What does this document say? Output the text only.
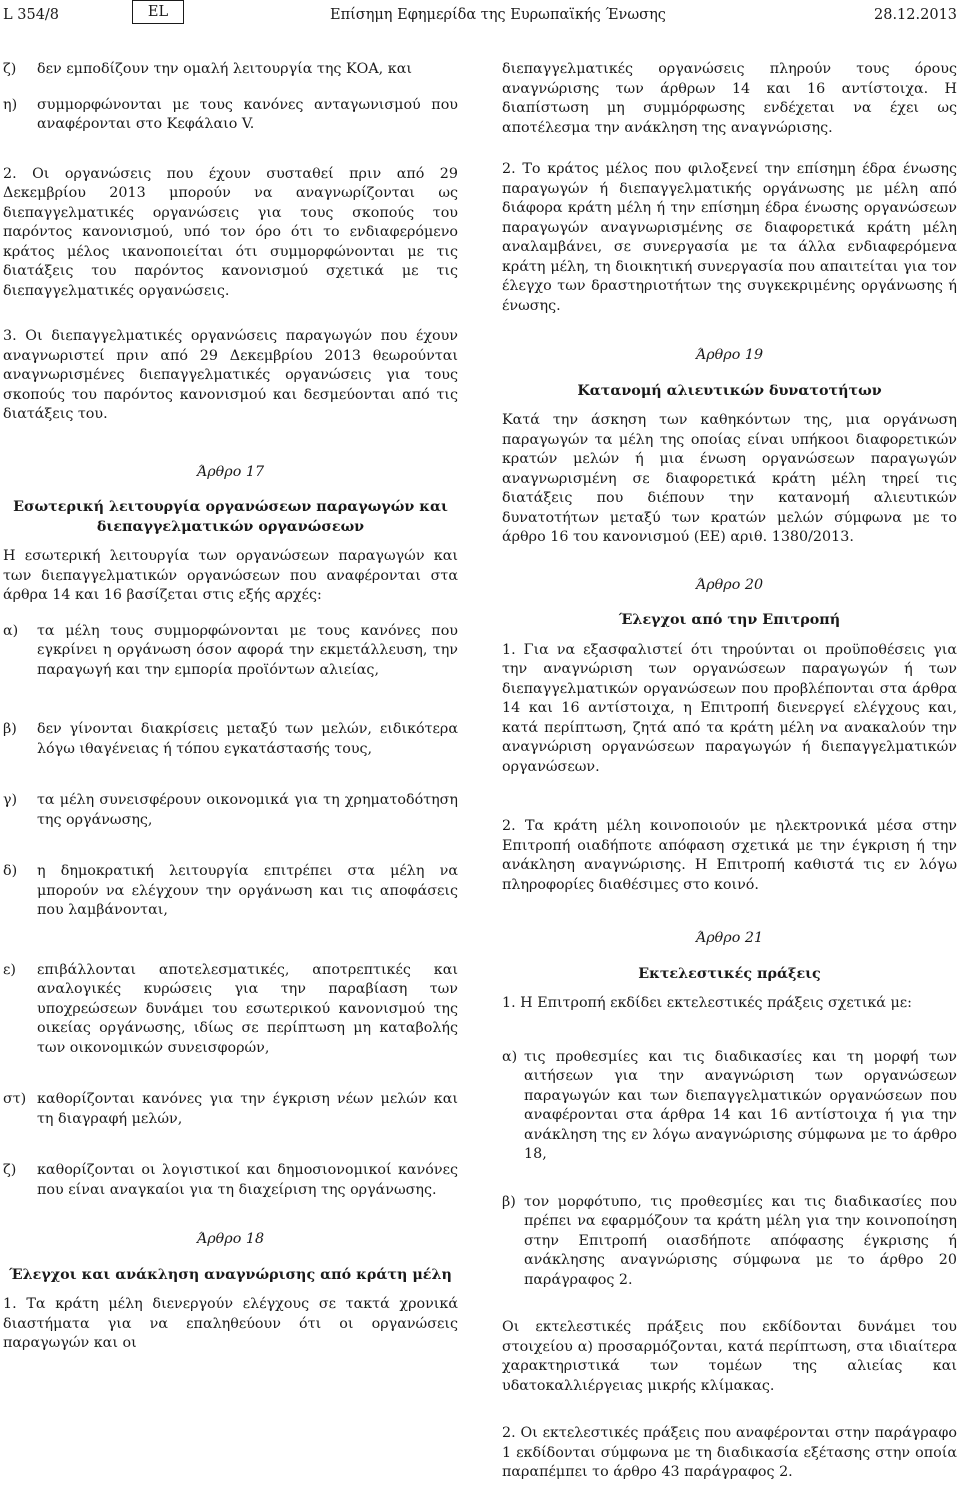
L 354/8	EL	Επίσημη Εφημερίδα της Ευρωπαϊκής Ένωσης	28.12.2013
ζ)	δεν εμποδίζουν την ομαλή λειτουργία της ΚΟΑ, και
η)	συμμορφώνονται με τους κανόνες ανταγωνισμού που αναφέρονται στο Κεφάλαιο V.

2. Οι οργανώσεις που έχουν συσταθεί πριν από 29 Δεκεμβρίου 2013 μπορούν να αναγνωρίζονται ως διεπαγγελματικές οργανώσεις για τους σκοπούς του παρόντος κανονισμού, υπό τον όρο ότι το ενδιαφερόμενο κράτος μέλος ικανοποιείται ότι συμμορφώνονται με τις διατάξεις του παρόντος κανονισμού σχετικά με τις διεπαγγελματικές οργανώσεις.

3. Οι διεπαγγελματικές οργανώσεις παραγωγών που έχουν αναγνωριστεί πριν από 29 Δεκεμβρίου 2013 θεωρούνται αναγνωρισμένες διεπαγγελματικές οργανώσεις για τους σκοπούς του παρόντος κανονισμού και δεσμεύονται από τις διατάξεις του.

Άρθρο 17
Εσωτερική λειτουργία οργανώσεων παραγωγών και διεπαγγελματικών οργανώσεων

Η εσωτερική λειτουργία των οργανώσεων παραγωγών και των διεπαγγελματικών οργανώσεων που αναφέρονται στα άρθρα 14 και 16 βασίζεται στις εξής αρχές:

α)	τα μέλη τους συμμορφώνονται με τους κανόνες που εγκρίνει η οργάνωση όσον αφορά την εκμετάλλευση, την παραγωγή και την εμπορία προϊόντων αλιείας,
β)	δεν γίνονται διακρίσεις μεταξύ των μελών, ειδικότερα λόγω ιθαγένειας ή τόπου εγκατάστασής τους,
γ)	τα μέλη συνεισφέρουν οικονομικά για τη χρηματοδότηση της οργάνωσης,
δ)	η δημοκρατική λειτουργία επιτρέπει στα μέλη να μπορούν να ελέγχουν την οργάνωση και τις αποφάσεις που λαμβάνονται,
ε)	επιβάλλονται αποτελεσματικές, αποτρεπτικές και αναλογικές κυρώσεις για την παραβίαση των υποχρεώσεων δυνάμει του εσωτερικού κανονισμού της οικείας οργάνωσης, ιδίως σε περίπτωση μη καταβολής των οικονομικών συνεισφορών,
στ) καθορίζονται κανόνες για την έγκριση νέων μελών και τη διαγραφή μελών,
ζ)	καθορίζονται οι λογιστικοί και δημοσιονομικοί κανόνες που είναι αναγκαίοι για τη διαχείριση της οργάνωσης.
Άρθρο 18
Έλεγχοι και ανάκληση αναγνώρισης από κράτη μέλη

1. Τα κράτη μέλη διενεργούν ελέγχους σε τακτά χρονικά διαστήματα για να επαληθεύουν ότι οι οργανώσεις παραγωγών και οι

διεπαγγελματικές οργανώσεις πληρούν τους όρους αναγνώρισης των άρθρων 14 και 16 αντίστοιχα. Η διαπίστωση μη συμμόρφωσης ενδέχεται να έχει ως αποτέλεσμα την ανάκληση της αναγνώρισης.

2. Το κράτος μέλος που φιλοξενεί την επίσημη έδρα ένωσης παραγωγών ή διεπαγγελματικής οργάνωσης με μέλη από διάφορα κράτη μέλη ή την επίσημη έδρα ένωσης οργανώσεων παραγωγών αναγνωρισμένης σε διαφορετικά κράτη μέλη αναλαμβάνει, σε συνεργασία με τα άλλα ενδιαφερόμενα κράτη μέλη, τη διοικητική συνεργασία που απαιτείται για τον έλεγχο των δραστηριοτήτων της συγκεκριμένης οργάνωσης ή ένωσης.

Άρθρο 19
Κατανομή αλιευτικών δυνατοτήτων

Κατά την άσκηση των καθηκόντων της, μια οργάνωση παραγωγών τα μέλη της οποίας είναι υπήκοοι διαφορετικών κρατών μελών ή μια ένωση οργανώσεων παραγωγών αναγνωρισμένη σε διαφορετικά κράτη μέλη τηρεί τις διατάξεις που διέπουν την κατανομή αλιευτικών δυνατοτήτων μεταξύ των κρατών μελών σύμφωνα με το άρθρο 16 του κανονισμού (ΕΕ) αριθ. 1380/2013.

Άρθρο 20
Έλεγχοι από την Επιτροπή

1. Για να εξασφαλιστεί ότι τηρούνται οι προϋποθέσεις για την αναγνώριση των οργανώσεων παραγωγών ή των διεπαγγελματικών οργανώσεων που προβλέπονται στα άρθρα 14 και 16 αντίστοιχα, η Επιτροπή διενεργεί ελέγχους και, κατά περίπτωση, ζητά από τα κράτη μέλη να ανακαλούν την αναγνώριση οργανώσεων παραγωγών ή διεπαγγελματικών οργανώσεων.

2. Τα κράτη μέλη κοινοποιούν με ηλεκτρονικά μέσα στην Επιτροπή οιαδήποτε απόφαση σχετικά με την έγκριση ή την ανάκληση αναγνώρισης. Η Επιτροπή καθιστά τις εν λόγω πληροφορίες διαθέσιμες στο κοινό.

Άρθρο 21
Εκτελεστικές πράξεις

1. Η Επιτροπή εκδίδει εκτελεστικές πράξεις σχετικά με:

α) τις προθεσμίες και τις διαδικασίες και τη μορφή των αιτήσεων για την αναγνώριση των οργανώσεων παραγωγών και των διεπαγγελματικών οργανώσεων που αναφέρονται στα άρθρα 14 και 16 αντίστοιχα ή για την ανάκληση της εν λόγω αναγνώρισης σύμφωνα με το άρθρο 18,
β) τον μορφότυπο, τις προθεσμίες και τις διαδικασίες που πρέπει να εφαρμόζουν τα κράτη μέλη για την κοινοποίηση στην Επιτροπή οιασδήποτε απόφασης έγκρισης ή ανάκλησης αναγνώρισης σύμφωνα με το άρθρο 20 παράγραφος 2.

Οι εκτελεστικές πράξεις που εκδίδονται δυνάμει του στοιχείου α) προσαρμόζονται, κατά περίπτωση, στα ιδιαίτερα χαρακτηριστικά των τομέων της αλιείας και υδατοκαλλιέργειας μικρής κλίμακας.

2. Οι εκτελεστικές πράξεις που αναφέρονται στην παράγραφο 1 εκδίδονται σύμφωνα με τη διαδικασία εξέτασης στην οποία παραπέμπει το άρθρο 43 παράγραφος 2.
